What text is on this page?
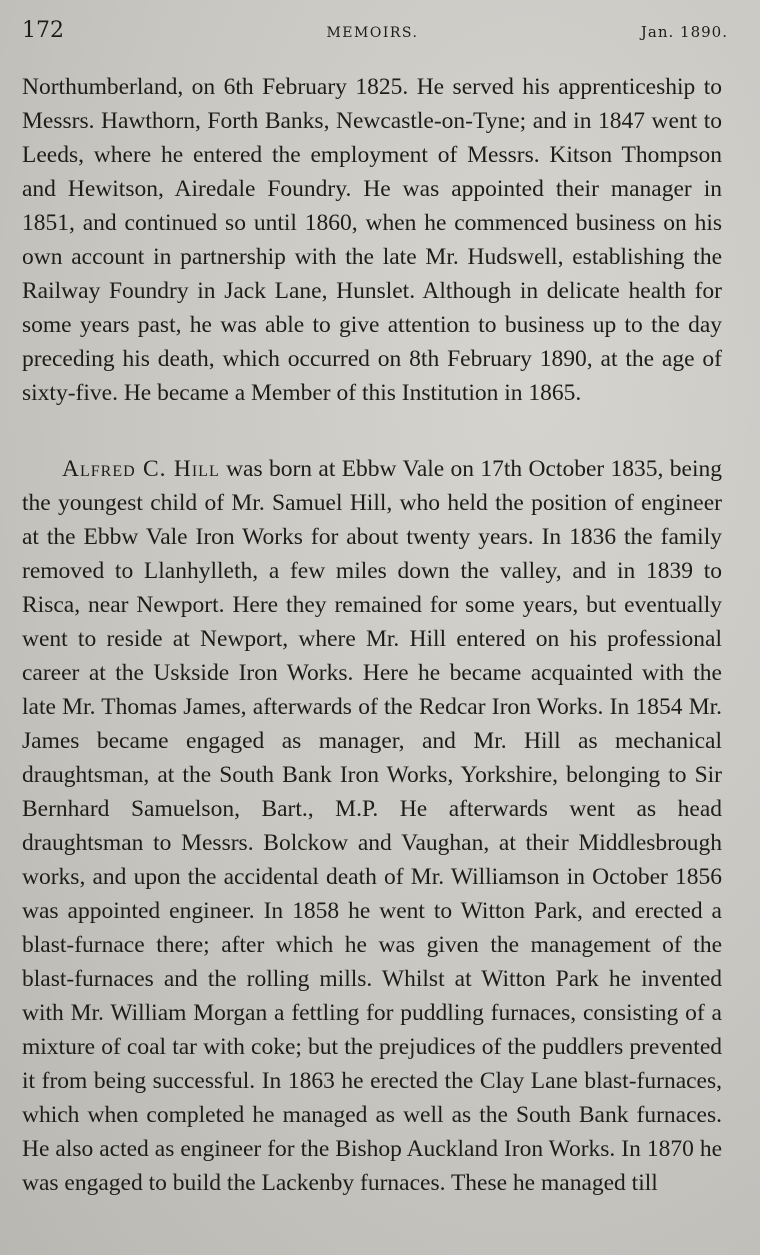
172	MEMOIRS.	Jan. 1890.

Northumberland, on 6th February 1825. He served his apprenticeship to Messrs. Hawthorn, Forth Banks, Newcastle-on-Tyne; and in 1847 went to Leeds, where he entered the employment of Messrs. Kitson Thompson and Hewitson, Airedale Foundry. He was appointed their manager in 1851, and continued so until 1860, when he commenced business on his own account in partnership with the late Mr. Hudswell, establishing the Railway Foundry in Jack Lane, Hunslet. Although in delicate health for some years past, he was able to give attention to business up to the day preceding his death, which occurred on 8th February 1890, at the age of sixty-five. He became a Member of this Institution in 1865.

Alfred C. Hill was born at Ebbw Vale on 17th October 1835, being the youngest child of Mr. Samuel Hill, who held the position of engineer at the Ebbw Vale Iron Works for about twenty years. In 1836 the family removed to Llanhylleth, a few miles down the valley, and in 1839 to Risca, near Newport. Here they remained for some years, but eventually went to reside at Newport, where Mr. Hill entered on his professional career at the Uskside Iron Works. Here he became acquainted with the late Mr. Thomas James, afterwards of the Redcar Iron Works. In 1854 Mr. James became engaged as manager, and Mr. Hill as mechanical draughtsman, at the South Bank Iron Works, Yorkshire, belonging to Sir Bernhard Samuelson, Bart., M.P. He afterwards went as head draughtsman to Messrs. Bolckow and Vaughan, at their Middlesbrough works, and upon the accidental death of Mr. Williamson in October 1856 was appointed engineer. In 1858 he went to Witton Park, and erected a blast-furnace there; after which he was given the management of the blast-furnaces and the rolling mills. Whilst at Witton Park he invented with Mr. William Morgan a fettling for puddling furnaces, consisting of a mixture of coal tar with coke; but the prejudices of the puddlers prevented it from being successful. In 1863 he erected the Clay Lane blast-furnaces, which when completed he managed as well as the South Bank furnaces. He also acted as engineer for the Bishop Auckland Iron Works. In 1870 he was engaged to build the Lackenby furnaces. These he managed till
